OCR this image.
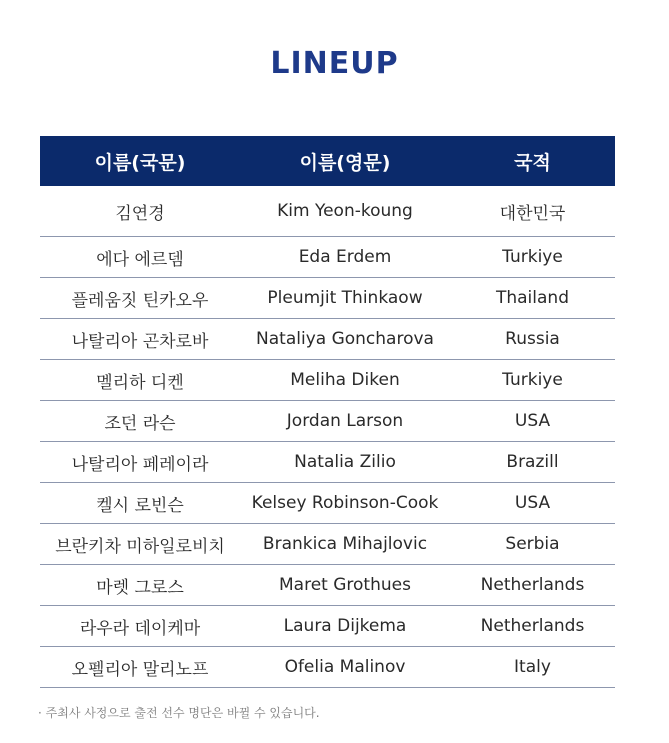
LINEUP
이름(국문)	이름(영문)	국적
김연경	Kim Yeon-koung	대한민국
에다 에르뎀	Eda Erdem	Turkiye
플레움짓 틴카오우	Pleumjit Thinkaow	Thailand
나탈리아 곤차로바	Nataliya Goncharova	Russia
멜리하 디켄	Meliha Diken	Turkiye
조던 라슨	Jordan Larson	USA
나탈리아 페레이라	Natalia Zilio	Brazill
켈시 로빈슨	Kelsey Robinson-Cook	USA
브란키차 미하일로비치	Brankica Mihajlovic	Serbia
마렛 그로스	Maret Grothues	Netherlands
라우라 데이케마	Laura Dijkema	Netherlands
오펠리아 말리노프	Ofelia Malinov	Italy
· 주최사 사정으로 출전 선수 명단은 바뀔 수 있습니다.
